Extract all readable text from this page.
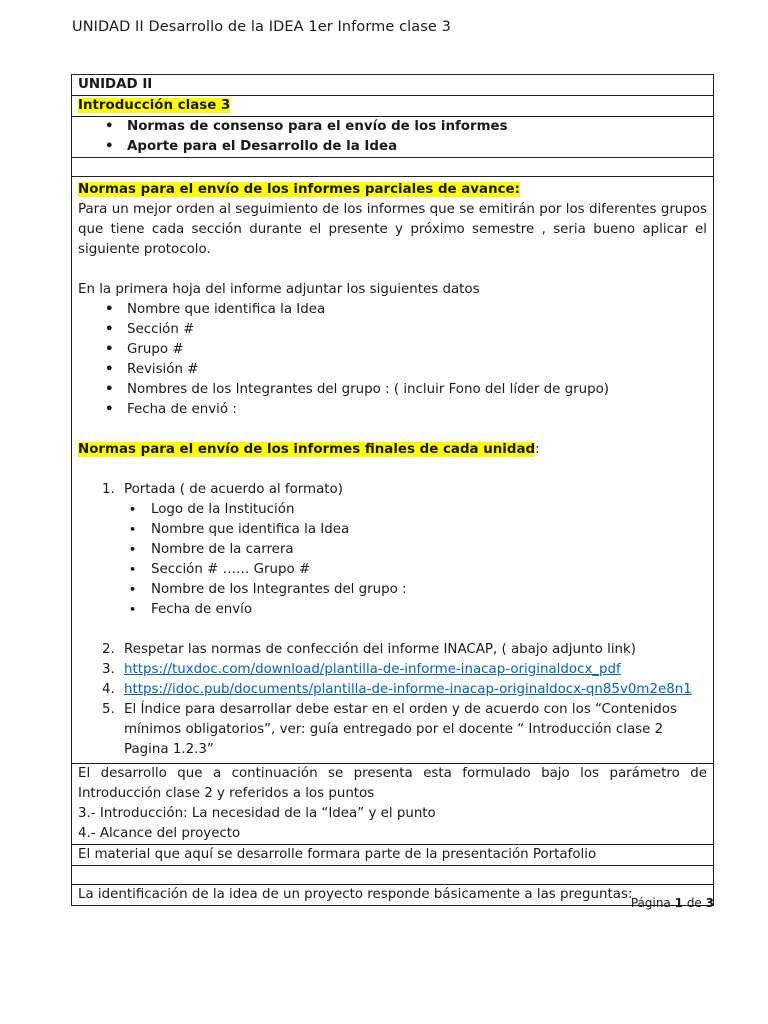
UNIDAD II Desarrollo de la IDEA 1er Informe clase 3
UNIDAD II
Introducción clase 3

• Normas de consenso para el envío de los informes
• Aporte para el Desarrollo de la Idea

Normas para el envío de los informes parciales de avance:
Para un mejor orden al seguimiento de los informes que se emitirán por los diferentes grupos que tiene cada sección durante el presente y próximo semestre , seria bueno aplicar el siguiente protocolo.
En la primera hoja del informe adjuntar los siguientes datos
• Nombre que identifica la Idea
• Sección #
• Grupo #
• Revisión #
• Nombres de los Integrantes del grupo : ( incluir Fono del líder de grupo)
• Fecha de envió :
Normas para el envío de los informes finales de cada unidad:
1. Portada ( de acuerdo al formato)
• Logo de la Institución
• Nombre que identifica la Idea
• Nombre de la carrera
• Sección # …… Grupo #
• Nombre de los Integrantes del grupo :
• Fecha de envío
2. Respetar las normas de confección del informe INACAP, ( abajo adjunto link)
3. https://tuxdoc.com/download/plantilla-de-informe-inacap-originaldocx_pdf
4. https://idoc.pub/documents/plantilla-de-informe-inacap-originaldocx-qn85v0m2e8n1
5. El Índice para desarrollar debe estar en el orden y de acuerdo con los “Contenidos mínimos obligatorios”, ver: guía entregado por el docente “ Introducción clase 2 Pagina 1.2.3”

El desarrollo que a continuación se presenta esta formulado bajo los parámetro de Introducción clase 2 y referidos a los puntos
3.- Introducción: La necesidad de la “Idea” y el punto
4.- Alcance del proyecto

El material que aquí se desarrolle formara parte de la presentación Portafolio

La identificación de la idea de un proyecto responde básicamente a las preguntas:
Página 1 de 3
